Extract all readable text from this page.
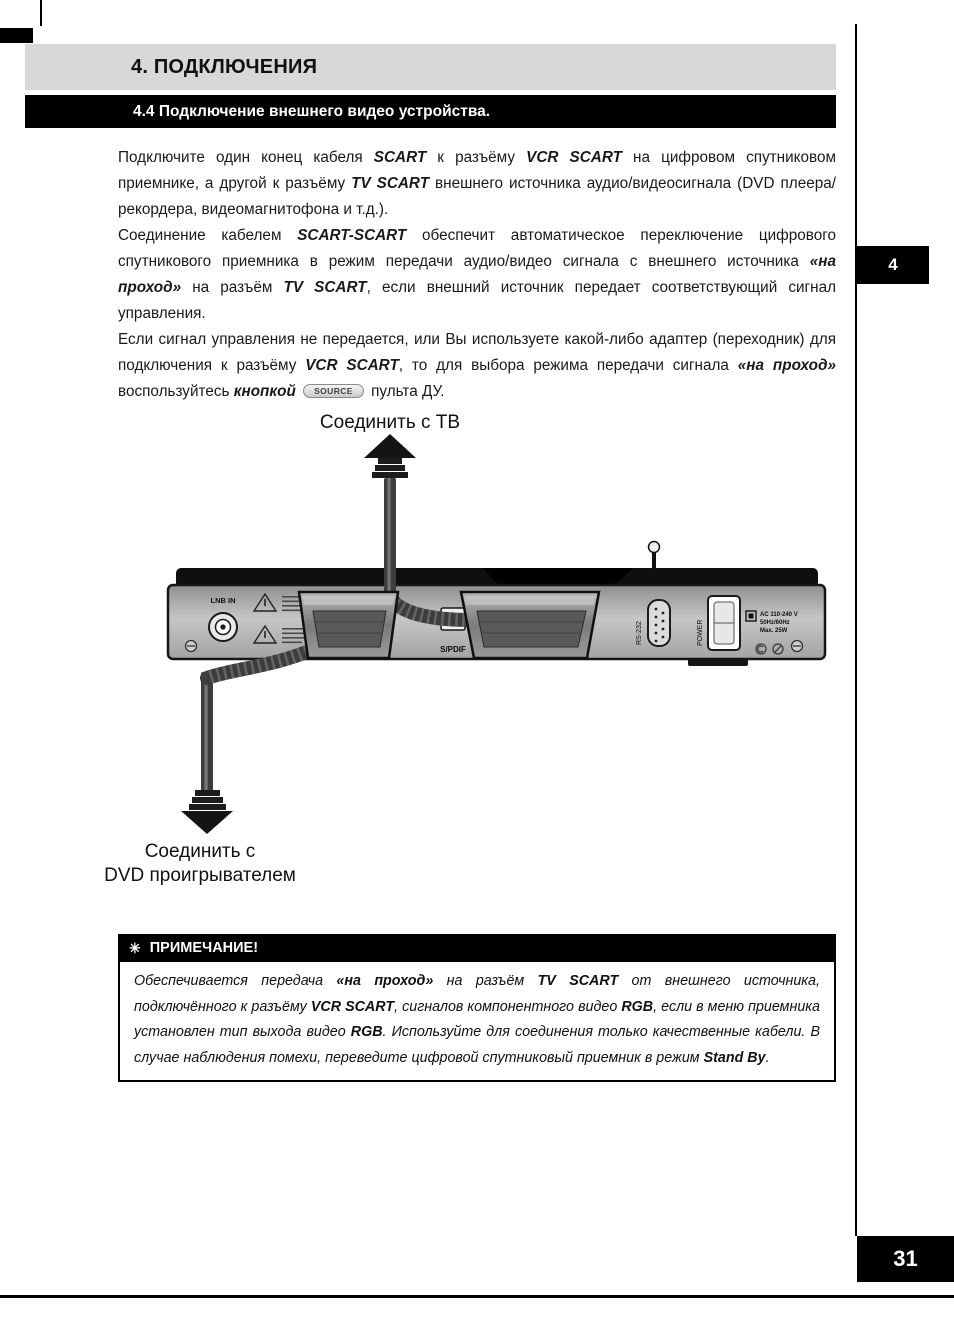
4
31
4. ПОДКЛЮЧЕНИЯ
4.4 Подключение внешнего видео устройства.

Подключите один конец кабеля SCART к разъёму VCR SCART на цифровом спутниковом приемнике, а другой к разъёму TV SCART внешнего источника аудио/видеосигнала (DVD плеера/рекордера, видеомагнитофона и т.д.).

Соединение кабелем SCART-SCART обеспечит автоматическое переключение цифрового спутникового приемника в режим передачи аудио/видео сигнала с внешнего источника «на проход» на разъём TV SCART, если внешний источник передает соответствующий сигнал управления.

Если сигнал управления не передается, или Вы используете какой-либо адаптер (переходник) для подключения к разъёму VCR SCART, то для выбора режима передачи сигнала «на проход» воспользуйтесь кнопкой SOURCE пульта ДУ.

Соединить с ТВ
LNB IN
S/PDIF
RS-232	POWER
AC 110-240 V
50Hz/60Hz
Max. 25W
Соединить с
DVD проигрывателем
✳ ПРИМЕЧАНИЕ!
Обеспечивается передача «на проход» на разъём TV SCART от внешнего источника, подключённого к разъёму VCR SCART, сигналов компонентного видео RGB, если в меню приемника установлен тип выхода видео RGB. Используйте для соединения только качественные кабели. В случае наблюдения помехи, переведите цифровой спутниковый приемник в режим Stand By.
